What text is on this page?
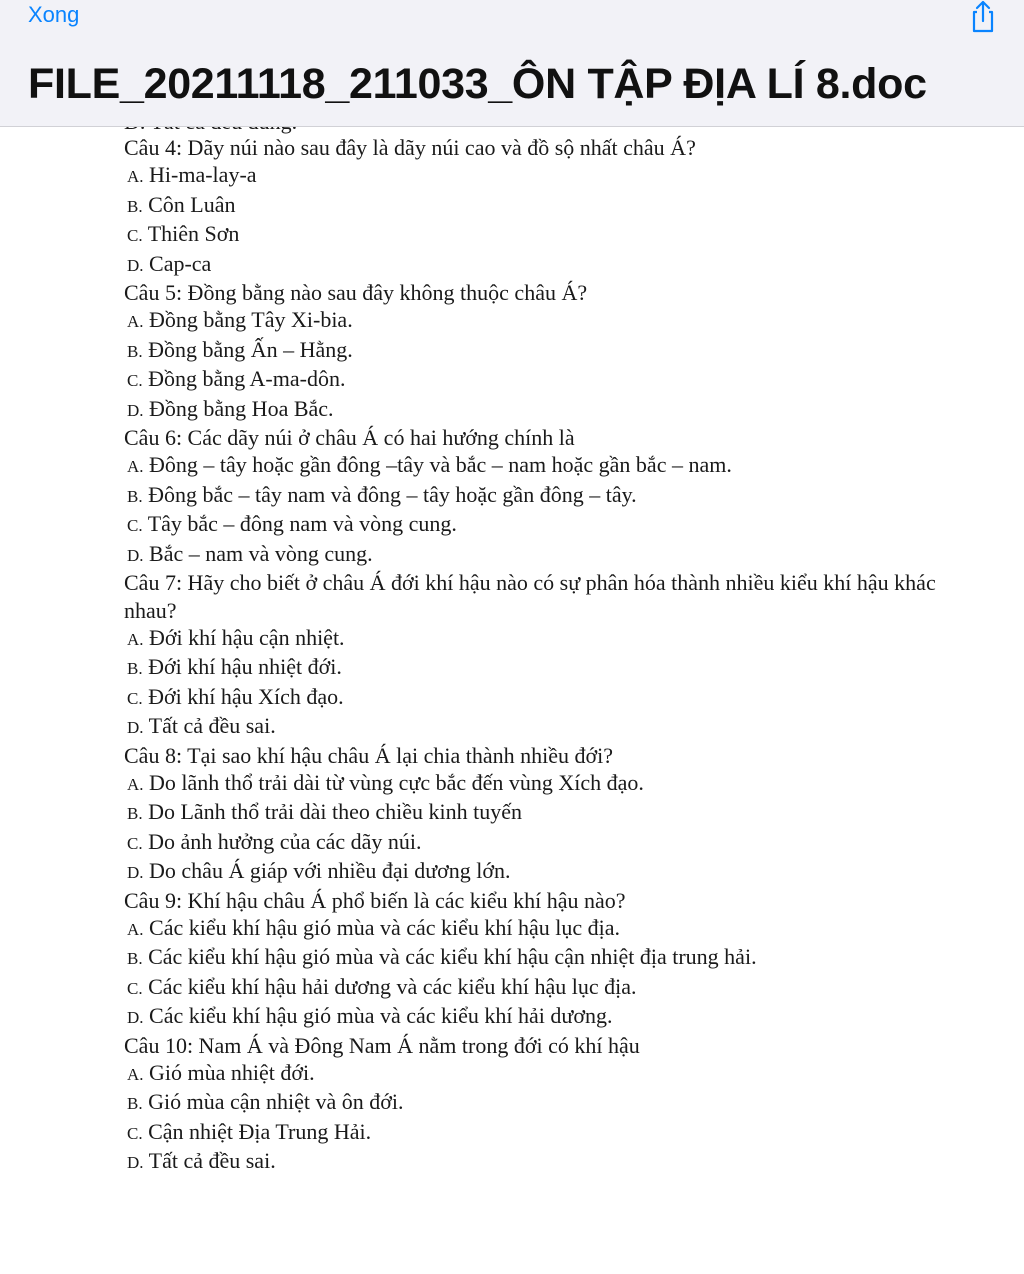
Xong
FILE_20211118_211033_ÔN TẬP ĐỊA LÍ 8.doc
Câu 4: Dãy núi nào sau đây là dãy núi cao và đồ sộ nhất châu Á?
A. Hi-ma-lay-a
B. Côn Luân
C. Thiên Sơn
D. Cap-ca
Câu 5: Đồng bằng nào sau đây không thuộc châu Á?
A. Đồng bằng Tây Xi-bia.
B. Đồng bằng Ấn – Hằng.
C. Đồng bằng A-ma-dôn.
D. Đồng bằng Hoa Bắc.
Câu 6: Các dãy núi ở châu Á có hai hướng chính là
A. Đông – tây hoặc gần đông –tây và bắc – nam hoặc gần bắc – nam.
B. Đông bắc – tây nam và đông – tây hoặc gần đông – tây.
C. Tây bắc – đông nam và vòng cung.
D. Bắc – nam và vòng cung.
Câu 7: Hãy cho biết ở châu Á đới khí hậu nào có sự phân hóa thành nhiều kiểu khí hậu khác nhau?
A. Đới khí hậu cận nhiệt.
B. Đới khí hậu nhiệt đới.
C. Đới khí hậu Xích đạo.
D. Tất cả đều sai.
Câu 8: Tại sao khí hậu châu Á lại chia thành nhiều đới?
A. Do lãnh thổ trải dài từ vùng cực bắc đến vùng Xích đạo.
B. Do Lãnh thổ trải dài theo chiều kinh tuyến
C. Do ảnh hưởng của các dãy núi.
D. Do châu Á giáp với nhiều đại dương lớn.
Câu 9: Khí hậu châu Á phổ biến là các kiểu khí hậu nào?
A. Các kiểu khí hậu gió mùa và các kiểu khí hậu lục địa.
B. Các kiểu khí hậu gió mùa và các kiểu khí hậu cận nhiệt địa trung hải.
C. Các kiểu khí hậu hải dương và các kiểu khí hậu lục địa.
D. Các kiểu khí hậu gió mùa và các kiểu khí hải dương.
Câu 10: Nam Á và Đông Nam Á nằm trong đới có khí hậu
A. Gió mùa nhiệt đới.
B. Gió mùa cận nhiệt và ôn đới.
C. Cận nhiệt Địa Trung Hải.
D. Tất cả đều sai.
